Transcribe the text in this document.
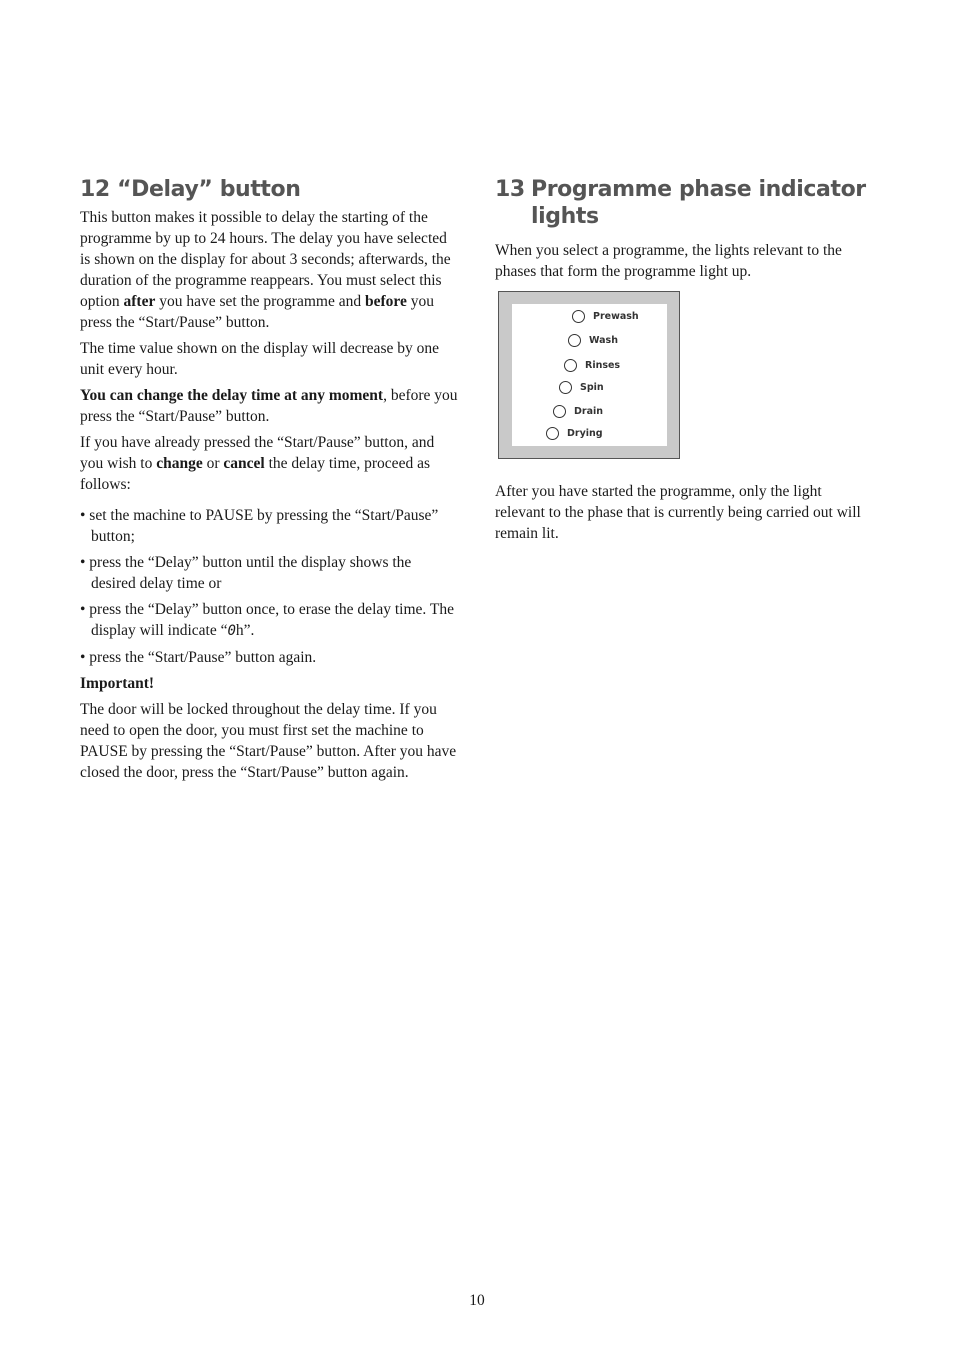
12 “Delay” button

This button makes it possible to delay the starting of the programme by up to 24 hours. The delay you have selected is shown on the display for about 3 seconds; afterwards, the duration of the programme reappears. You must select this option after you have set the programme and before you press the “Start/Pause” button.

The time value shown on the display will decrease by one unit every hour.

You can change the delay time at any moment, before you press the “Start/Pause” button.

If you have already pressed the “Start/Pause” button, and you wish to change or cancel the delay time, proceed as follows:

• set the machine to PAUSE by pressing the “Start/Pause” button;
• press the “Delay” button until the display shows the desired delay time or
• press the “Delay” button once, to erase the delay time. The display will indicate “0h”.
• press the “Start/Pause” button again.

Important!

The door will be locked throughout the delay time. If you need to open the door, you must first set the machine to PAUSE by pressing the “Start/Pause” button. After you have closed the door, press the “Start/Pause” button again.

13 Programme phase indicator lights

When you select a programme, the lights relevant to the phases that form the programme light up.

Prewash
Wash
Rinses
Spin
Drain
Drying

After you have started the programme, only the light relevant to the phase that is currently being carried out will remain lit.

10
